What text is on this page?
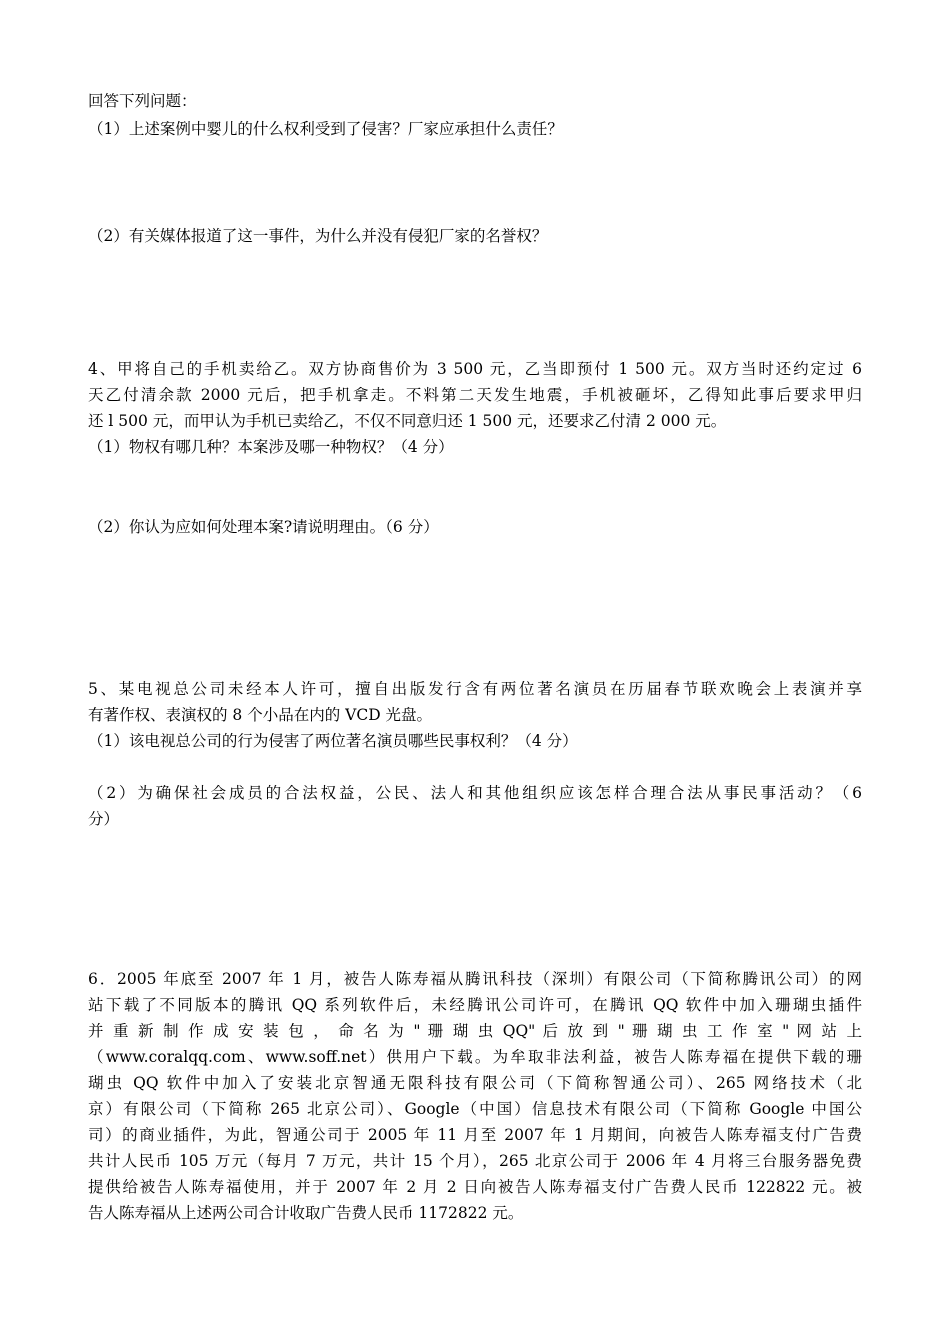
回答下列问题：
（1）上述案例中婴儿的什么权利受到了侵害？厂家应承担什么责任？
（2）有关媒体报道了这一事件，为什么并没有侵犯厂家的名誉权？
4、甲将自己的手机卖给乙。双方协商售价为 3 500 元，乙当即预付 1 500 元。双方当时还约定过 6
天乙付清余款 2000 元后，把手机拿走。不料第二天发生地震，手机被砸坏，乙得知此事后要求甲归
还 l 500 元，而甲认为手机已卖给乙，不仅不同意归还 1 500 元，还要求乙付清 2 000 元。
（1）物权有哪几种？本案涉及哪一种物权？（4 分）
（2）你认为应如何处理本案?请说明理由。（6 分）
5、某电视总公司未经本人许可，擅自出版发行含有两位著名演员在历届春节联欢晚会上表演并享
有著作权、表演权的 8 个小品在内的 VCD 光盘。
（1）该电视总公司的行为侵害了两位著名演员哪些民事权利？（4 分）
（2）为确保社会成员的合法权益，公民、法人和其他组织应该怎样合理合法从事民事活动？（6
分）
6．2005 年底至 2007 年 1 月，被告人陈寿福从腾讯科技（深圳）有限公司（下简称腾讯公司）的网
站下载了不同版本的腾讯 QQ 系列软件后，未经腾讯公司许可，在腾讯 QQ 软件中加入珊瑚虫插件
并 重 新 制 作 成 安 装 包 ， 命 名 为 " 珊 瑚 虫 QQ" 后 放 到 " 珊 瑚 虫 工 作 室 " 网 站 上
（www.coralqq.com、www.soff.net）供用户下载。为牟取非法利益，被告人陈寿福在提供下载的珊
瑚虫 QQ 软件中加入了安装北京智通无限科技有限公司（下简称智通公司）、265 网络技术（北
京）有限公司（下简称 265 北京公司）、Google（中国）信息技术有限公司（下简称 Google 中国公
司）的商业插件，为此，智通公司于 2005 年 11 月至 2007 年 1 月期间，向被告人陈寿福支付广告费
共计人民币 105 万元（每月 7 万元，共计 15 个月），265 北京公司于 2006 年 4 月将三台服务器免费
提供给被告人陈寿福使用，并于 2007 年 2 月 2 日向被告人陈寿福支付广告费人民币 122822 元。被
告人陈寿福从上述两公司合计收取广告费人民币 1172822 元。
